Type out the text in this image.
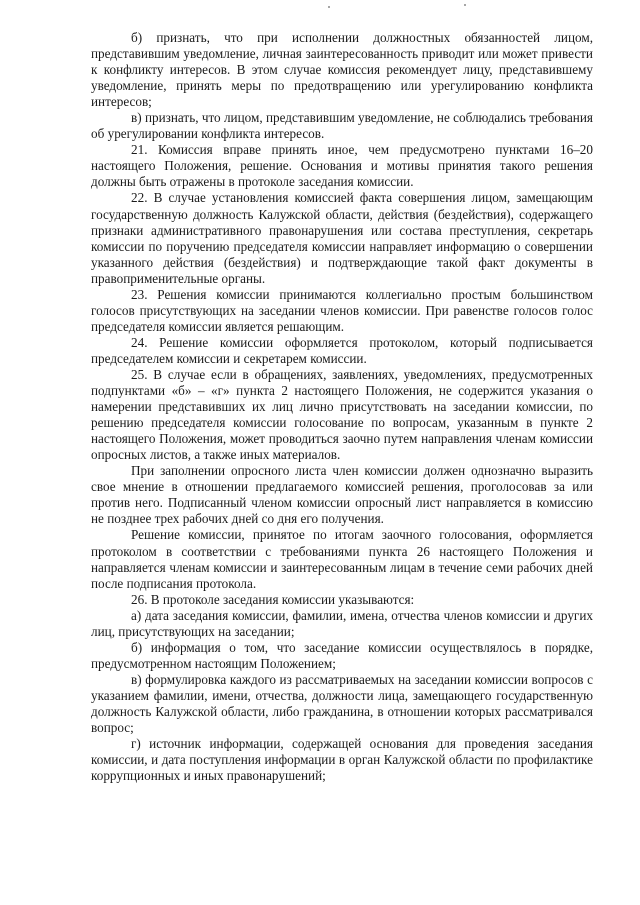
б) признать, что при исполнении должностных обязанностей лицом, представившим уведомление, личная заинтересованность приводит или может привести к конфликту интересов. В этом случае комиссия рекомендует лицу, представившему уведомление, принять меры по предотвращению или урегулированию конфликта интересов;

в) признать, что лицом, представившим уведомление, не соблюдались требования об урегулировании конфликта интересов.

21. Комиссия вправе принять иное, чем предусмотрено пунктами 16–20 настоящего Положения, решение. Основания и мотивы принятия такого решения должны быть отражены в протоколе заседания комиссии.

22. В случае установления комиссией факта совершения лицом, замещающим государственную должность Калужской области, действия (бездействия), содержащего признаки административного правонарушения или состава преступления, секретарь комиссии по поручению председателя комиссии направляет информацию о совершении указанного действия (бездействия) и подтверждающие такой факт документы в правоприменительные органы.

23. Решения комиссии принимаются коллегиально простым большинством голосов присутствующих на заседании членов комиссии. При равенстве голосов голос председателя комиссии является решающим.

24. Решение комиссии оформляется протоколом, который подписывается председателем комиссии и секретарем комиссии.

25. В случае если в обращениях, заявлениях, уведомлениях, предусмотренных подпунктами «б» – «г» пункта 2 настоящего Положения, не содержится указания о намерении представивших их лиц лично присутствовать на заседании комиссии, по решению председателя комиссии голосование по вопросам, указанным в пункте 2 настоящего Положения, может проводиться заочно путем направления членам комиссии опросных листов, а также иных материалов.

При заполнении опросного листа член комиссии должен однозначно выразить свое мнение в отношении предлагаемого комиссией решения, проголосовав за или против него. Подписанный членом комиссии опросный лист направляется в комиссию не позднее трех рабочих дней со дня его получения.

Решение комиссии, принятое по итогам заочного голосования, оформляется протоколом в соответствии с требованиями пункта 26 настоящего Положения и направляется членам комиссии и заинтересованным лицам в течение семи рабочих дней после подписания протокола.

26. В протоколе заседания комиссии указываются:

а) дата заседания комиссии, фамилии, имена, отчества членов комиссии и других лиц, присутствующих на заседании;

б) информация о том, что заседание комиссии осуществлялось в порядке, предусмотренном настоящим Положением;

в) формулировка каждого из рассматриваемых на заседании комиссии вопросов с указанием фамилии, имени, отчества, должности лица, замещающего государственную должность Калужской области, либо гражданина, в отношении которых рассматривался вопрос;

г) источник информации, содержащей основания для проведения заседания комиссии, и дата поступления информации в орган Калужской области по профилактике коррупционных и иных правонарушений;
